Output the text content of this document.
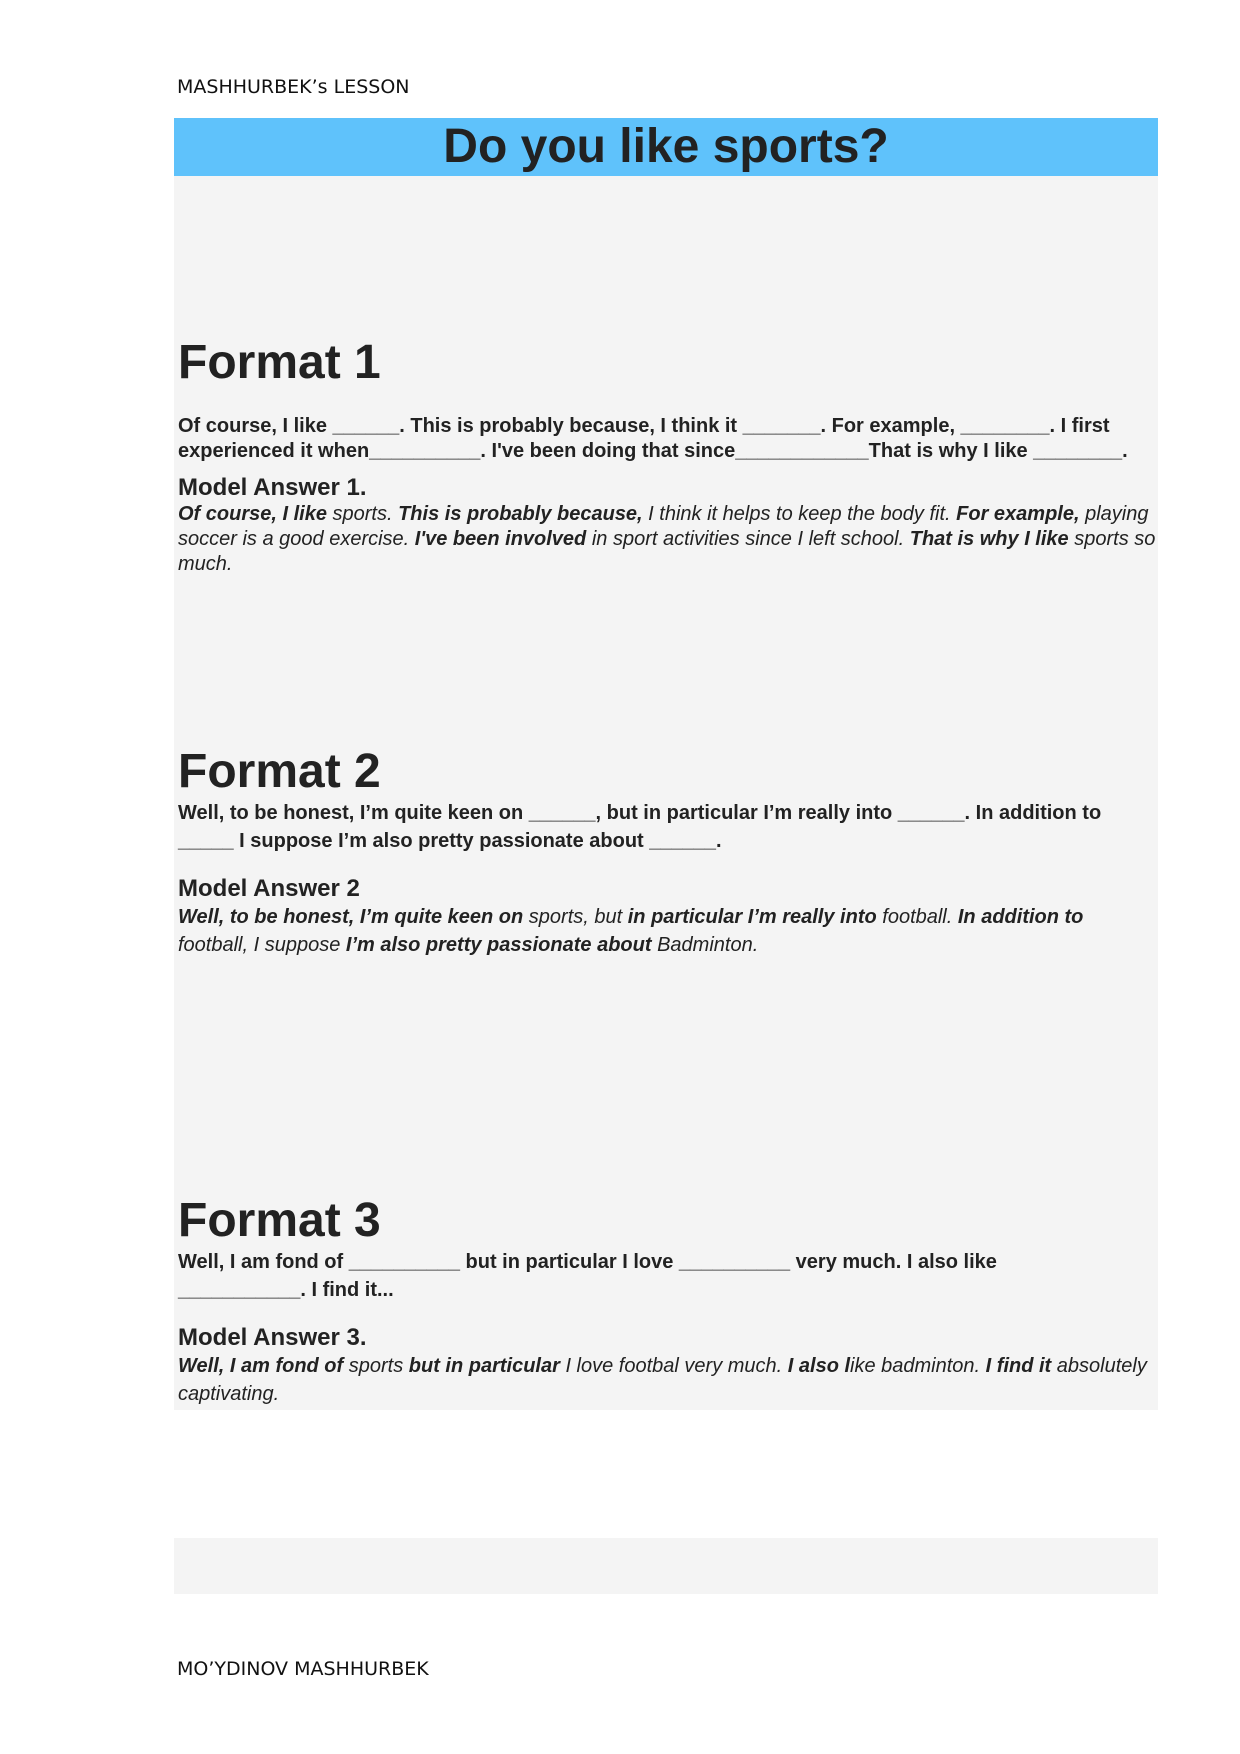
MASHHURBEK’s LESSON
Do you like sports?
Format 1

Of course, I like ______. This is probably because, I think it _______. For example, ________. I first experienced it when__________. I've been doing that since____________That is why I like ________.

Model Answer 1.

Of course, I like sports. This is probably because, I think it helps to keep the body fit. For example, playing soccer is a good exercise. I've been involved in sport activities since I left school. That is why I like sports so much.

Format 2

Well, to be honest, I’m quite keen on ______, but in particular I’m really into ______. In addition to _____ I suppose I’m also pretty passionate about ______.

Model Answer 2

Well, to be honest, I’m quite keen on sports, but in particular I’m really into football. In addition to football, I suppose I’m also pretty passionate about Badminton.

Format 3

Well, I am fond of __________ but in particular I love __________ very much. I also like ___________. I find it...

Model Answer 3.

Well, I am fond of sports but in particular I love footbal very much. I also like badminton. I find it absolutely captivating.

MO’YDINOV MASHHURBEK
